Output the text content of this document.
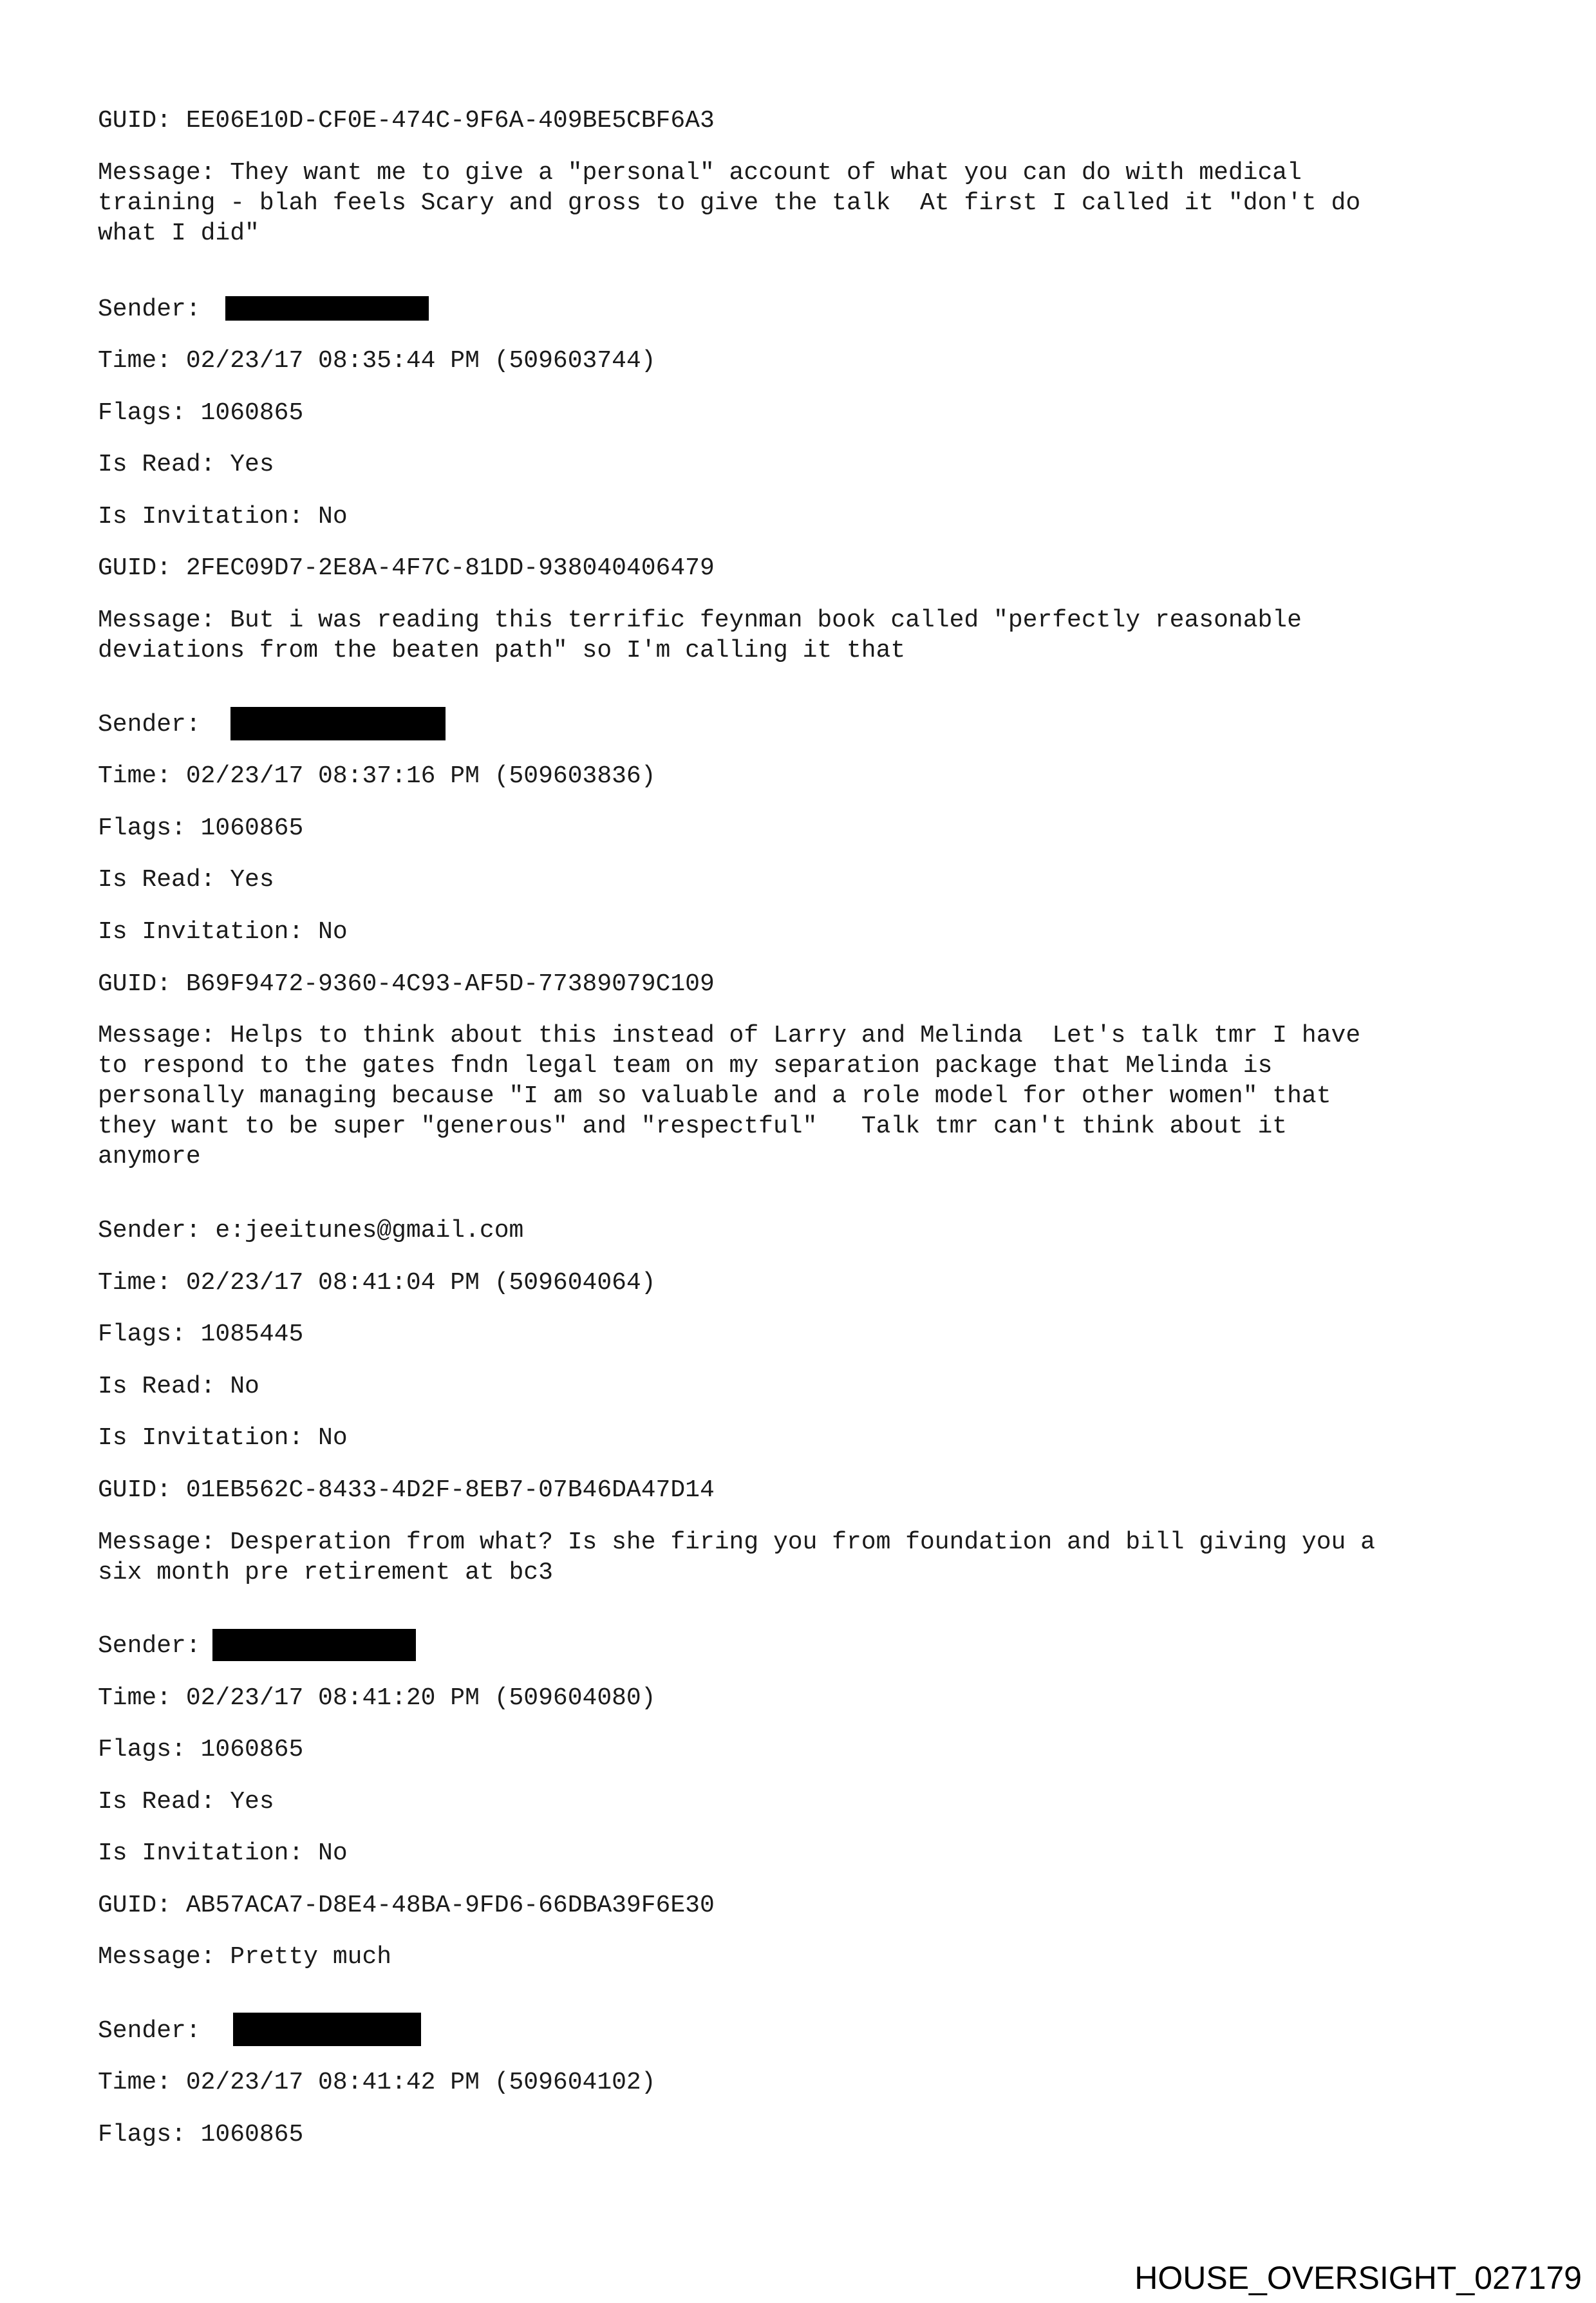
GUID: EE06E10D-CF0E-474C-9F6A-409BE5CBF6A3

Message: They want me to give a "personal" account of what you can do with medical

training - blah feels Scary and gross to give the talk  At first I called it "don't do

what I did"

Sender:

Time: 02/23/17 08:35:44 PM (509603744)

Flags: 1060865

Is Read: Yes

Is Invitation: No

GUID: 2FEC09D7-2E8A-4F7C-81DD-938040406479

Message: But i was reading this terrific feynman book called "perfectly reasonable

deviations from the beaten path" so I'm calling it that

Sender:

Time: 02/23/17 08:37:16 PM (509603836)

Flags: 1060865

Is Read: Yes

Is Invitation: No

GUID: B69F9472-9360-4C93-AF5D-77389079C109

Message: Helps to think about this instead of Larry and Melinda  Let's talk tmr I have

to respond to the gates fndn legal team on my separation package that Melinda is

personally managing because "I am so valuable and a role model for other women" that

they want to be super "generous" and "respectful"   Talk tmr can't think about it

anymore

Sender: e:jeeitunes@gmail.com

Time: 02/23/17 08:41:04 PM (509604064)

Flags: 1085445

Is Read: No

Is Invitation: No

GUID: 01EB562C-8433-4D2F-8EB7-07B46DA47D14

Message: Desperation from what? Is she firing you from foundation and bill giving you a

six month pre retirement at bc3

Sender:

Time: 02/23/17 08:41:20 PM (509604080)

Flags: 1060865

Is Read: Yes

Is Invitation: No

GUID: AB57ACA7-D8E4-48BA-9FD6-66DBA39F6E30

Message: Pretty much

Sender:

Time: 02/23/17 08:41:42 PM (509604102)

Flags: 1060865

HOUSE_OVERSIGHT_027179
